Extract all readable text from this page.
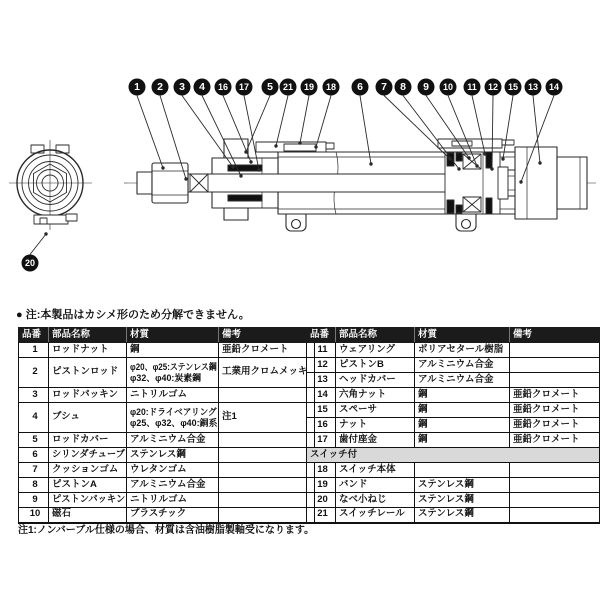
1 2 3 4 16 17 5 21 19 18 6 7 8 9 10 11 12 15 13 14
20
● 注:本製品はカシメ形のため分解できません。
品番	部品名称	材質	備考
1	ロッドナット	鋼	亜鉛クロメート
2	ピストンロッド	φ20、φ25:ステンレス鋼
φ32、φ40:炭素鋼	工業用クロムメッキ
3	ロッドパッキン	ニトリルゴム	
4	ブシュ	φ20:ドライベアリング
φ25、φ32、φ40:銅系	注1
5	ロッドカバー	アルミニウム合金	
6	シリンダチューブ	ステンレス鋼	
7	クッションゴム	ウレタンゴム	
8	ピストンA	アルミニウム合金	
9	ピストンパッキン	ニトリルゴム	
10	磁石	プラスチック	
品番	部品名称	材質	備考
11	ウェアリング	ポリアセタール樹脂	
12	ピストンB	アルミニウム合金	
13	ヘッドカバー	アルミニウム合金	
14	六角ナット	鋼	亜鉛クロメート
15	スペーサ	鋼	亜鉛クロメート
16	ナット	鋼	亜鉛クロメート
17	歯付座金	鋼	亜鉛クロメート
スイッチ付			
18	スイッチ本体		
19	バンド	ステンレス鋼	
20	なべ小ねじ	ステンレス鋼	
21	スイッチレール	ステンレス鋼	
注1:ノンバーブル仕様の場合、材質は含油樹脂製軸受になります。
